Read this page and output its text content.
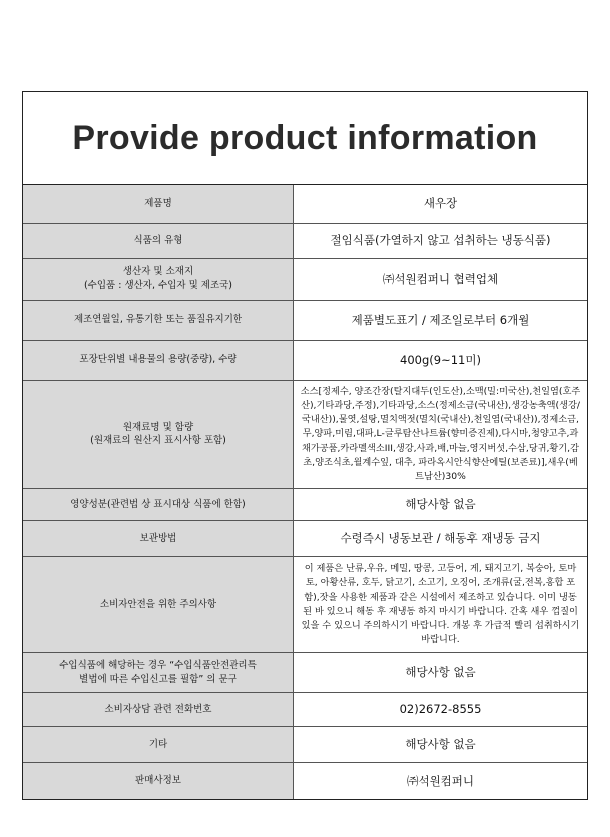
Provide product information
제품명	새우장

식품의 유형	절임식품(가열하지 않고 섭취하는 냉동식품)

생산자 및 소재지
(수입품 : 생산자, 수입자 및 제조국)	㈜석원컴퍼니 협력업체

제조연월일, 유통기한 또는 품질유지기한	제품별도표기 / 제조일로부터 6개월

포장단위별 내용물의 용량(중량), 수량	400g(9~11미)

원재료명 및 함량
(원재료의 원산지 표시사항 포함)	소스[정제수, 양조간장(탈지대두(인도산),소맥(밀:미국산),천일염(호주산),기타과당,주정),기타과당,소스(정제소금(국내산),생강농축액(생강/국내산)),물엿,설탕,멸치액젓(멸치(국내산),천일염(국내산)),정제소금,무,양파,미림,대파,L-글루탐산나트륨(향미증진제),다시마,청양고추,과채가공품,카라멜색소III,생강,사과,배,마늘,영지버섯,수삼,당귀,황기,감초,양조식초,월계수잎, 대추, 파라옥시안식향산에틸(보존료)],새우(베트남산)30%

영양성분(관련법 상 표시대상 식품에 한함)	해당사항 없음

보관방법	수령즉시 냉동보관 / 해동후 재냉동 금지

소비자안전을 위한 주의사항	이 제품은 난류,우유, 메밀, 땅콩, 고등어, 게, 돼지고기, 복숭아, 토마토, 아황산류, 호두, 닭고기, 소고기, 오징어, 조개류(굴,전복,홍합 포함),잣을 사용한 제품과 같은 시설에서 제조하고 있습니다. 이미 냉동된 바 있으니 해동 후 재냉동 하지 마시기 바랍니다. 간혹 새우 껍질이 있을 수 있으니 주의하시기 바랍니다. 개봉 후 가급적 빨리 섭취하시기 바랍니다.

수입식품에 해당하는 경우 “수입식품안전관리특
별법에 따른 수입신고를 필함” 의 문구	해당사항 없음

소비자상담 관련 전화번호	02)2672-8555

기타	해당사항 없음

판매사정보	㈜석원컴퍼니
